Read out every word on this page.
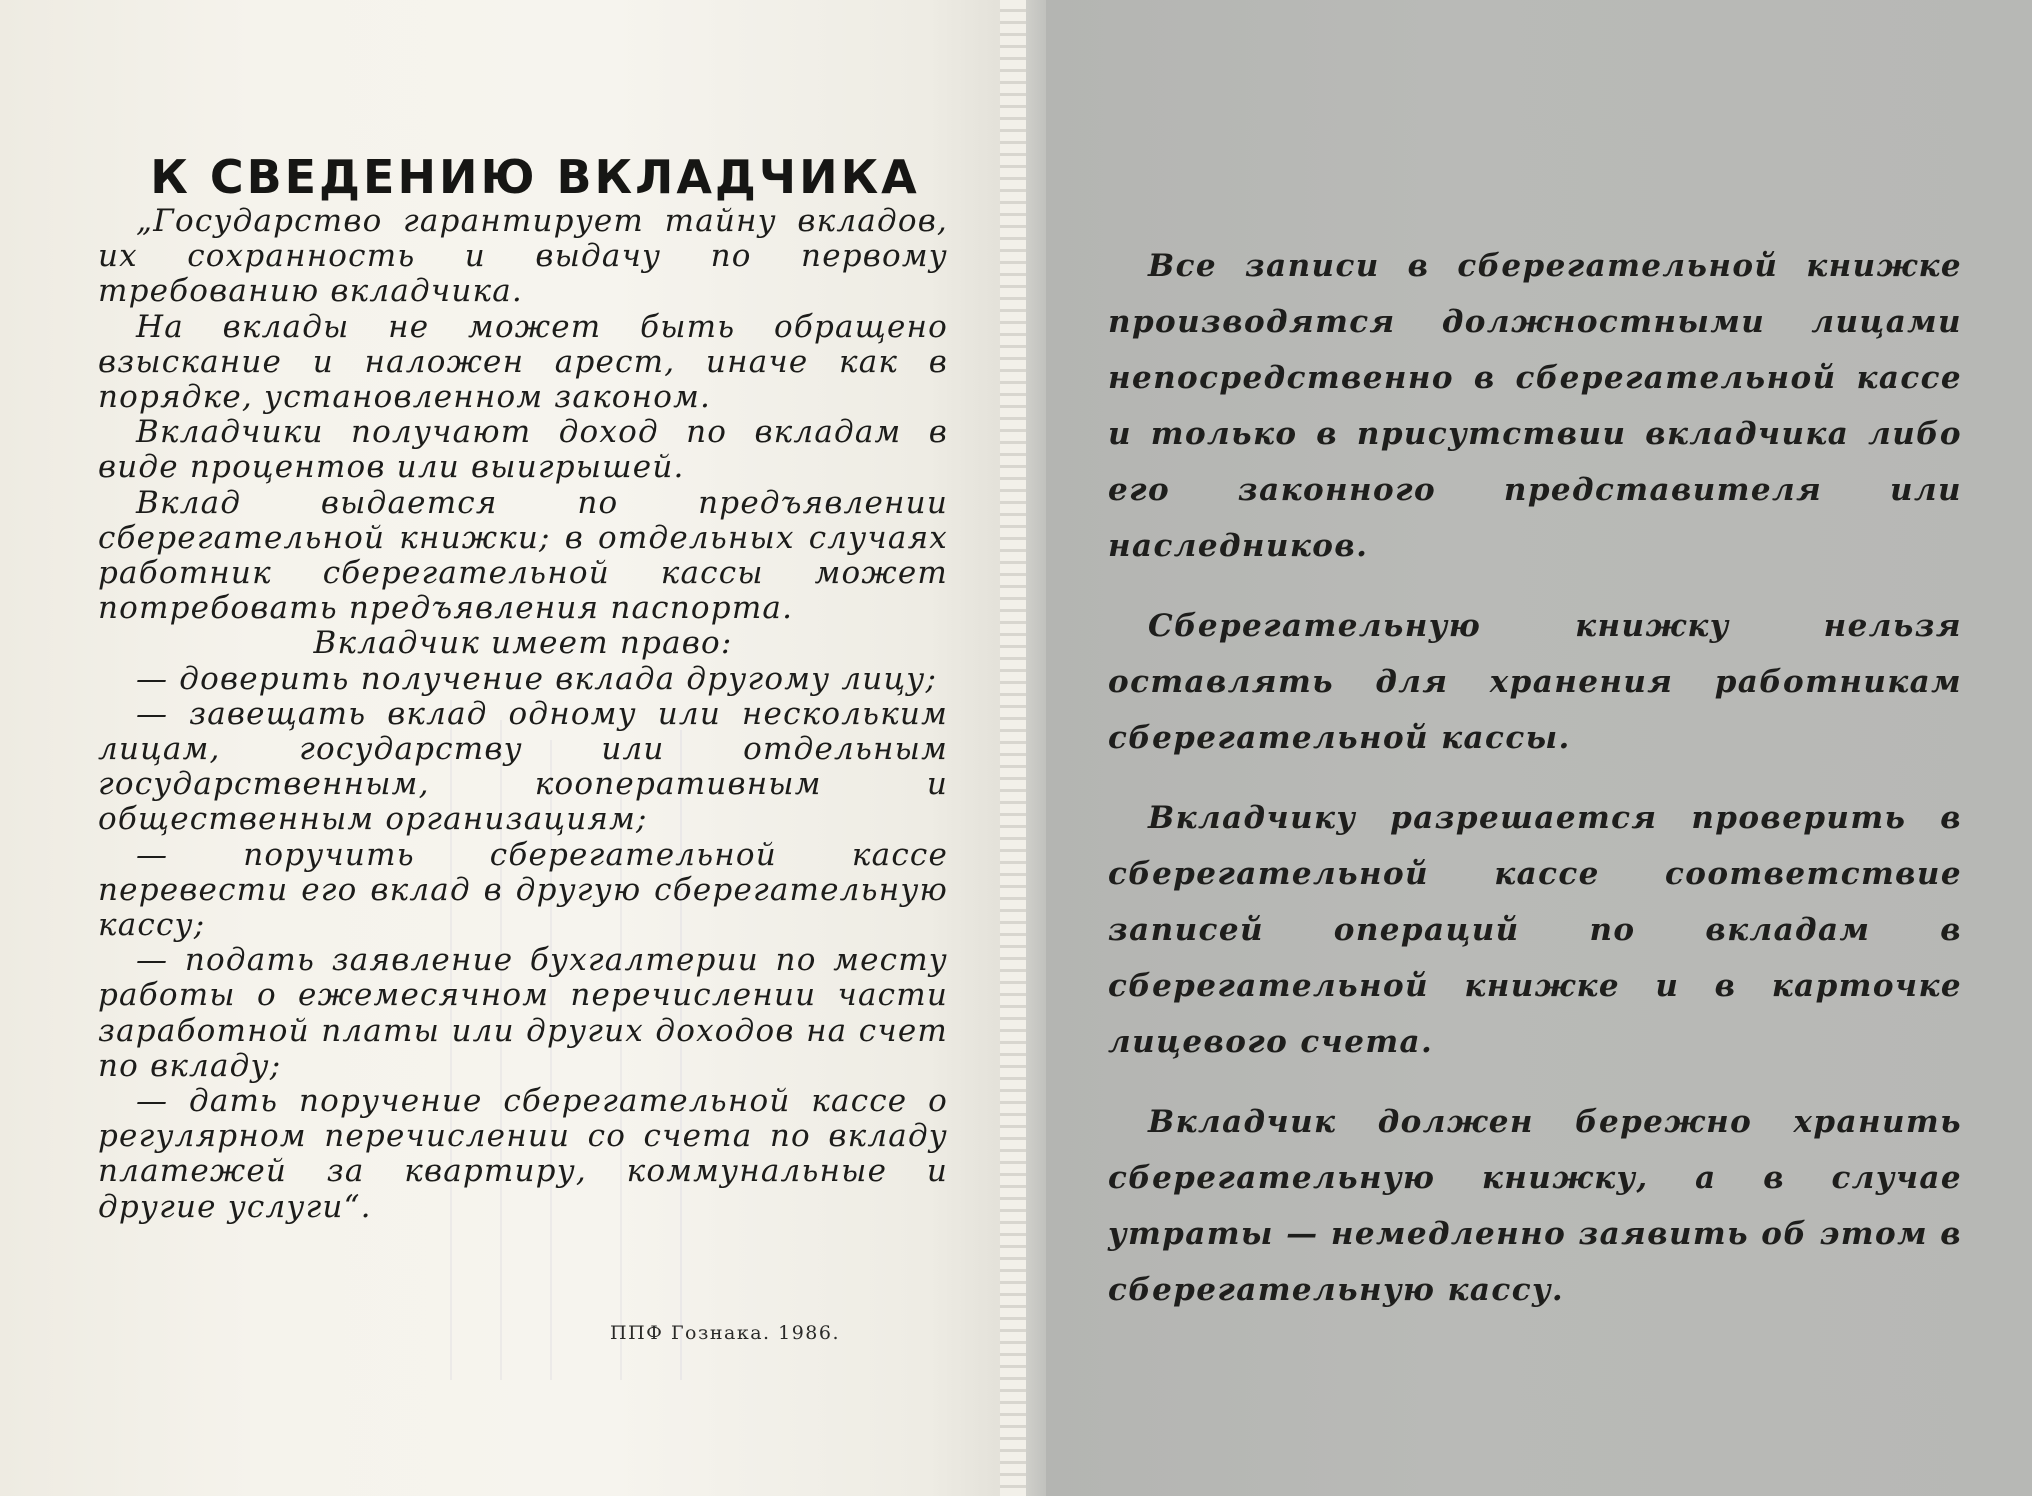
К СВЕДЕНИЮ ВКЛАДЧИКА

„Государство гарантирует тайну вкладов, их сохранность и выдачу по первому требованию вкладчика.

На вклады не может быть обращено взыскание и наложен арест, иначе как в порядке, установленном законом.

Вкладчики получают доход по вкладам в виде процентов или выигрышей.

Вклад выдается по предъявлении сберегательной книжки; в отдельных случаях работник сберегательной кассы может потребовать предъявления паспорта.

Вкладчик имеет право:

— доверить получение вклада другому лицу;

— завещать вклад одному или нескольким лицам, государству или отдельным государственным, кооперативным и общественным организациям;

— поручить сберегательной кассе перевести его вклад в другую сберегательную кассу;

— подать заявление бухгалтерии по месту работы о ежемесячном перечислении части заработной платы или других доходов на счет по вкладу;

— дать поручение сберегательной кассе о регулярном перечислении со счета по вкладу платежей за квартиру, коммунальные и другие услуги“.

ППФ Гознака. 1986.

Все записи в сберегательной книжке производятся должностными лицами непосредственно в сберегательной кассе и только в присутствии вкладчика либо его законного представителя или наследников.

Сберегательную книжку нельзя оставлять для хранения работникам сберегательной кассы.

Вкладчику разрешается проверить в сберегательной кассе соответствие записей операций по вкладам в сберегательной книжке и в карточке лицевого счета.

Вкладчик должен бережно хранить сберегательную книжку, а в случае утраты — немедленно заявить об этом в сберегательную кассу.
